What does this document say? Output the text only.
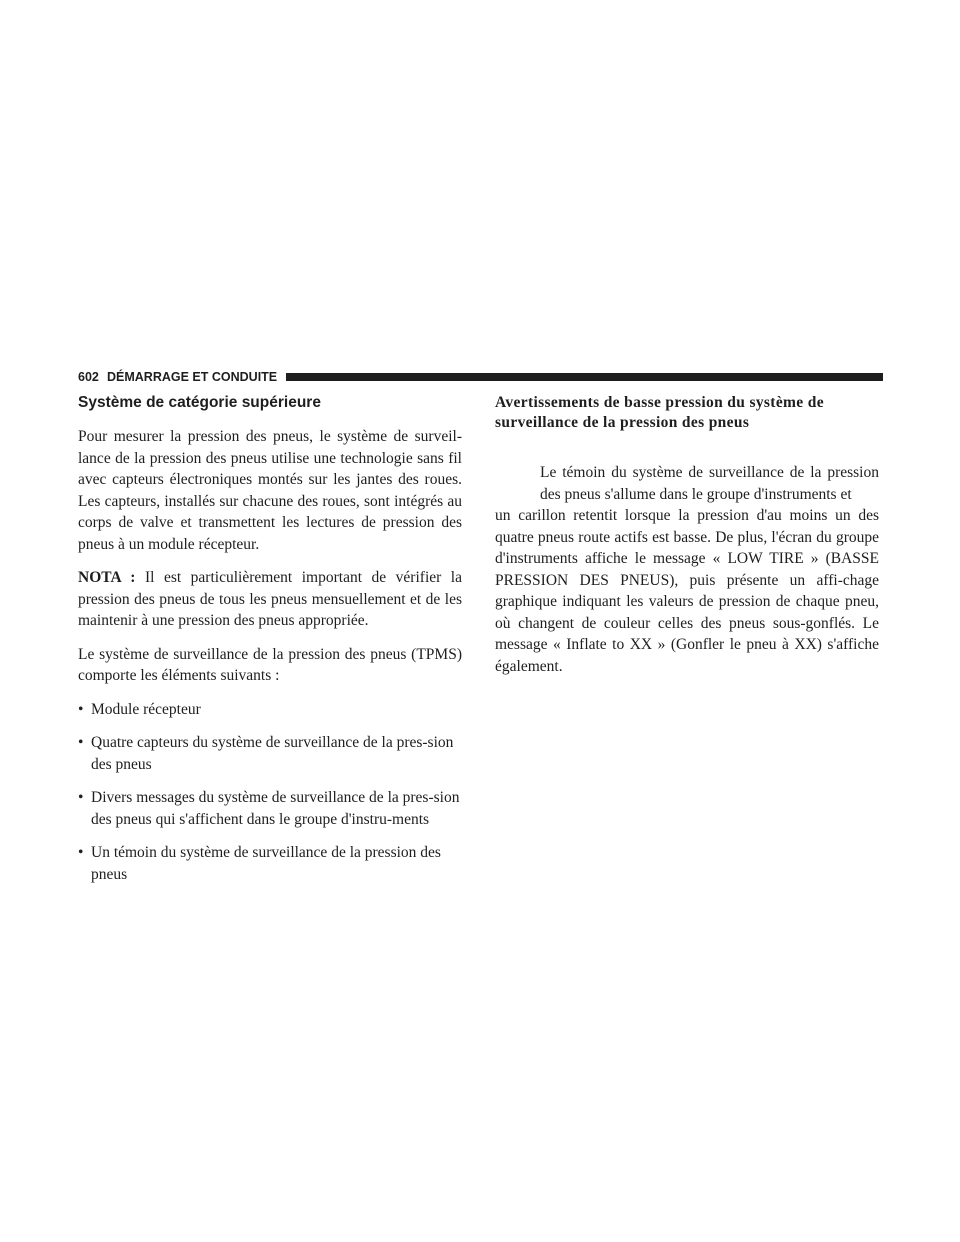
602 DÉMARRAGE ET CONDUITE
Système de catégorie supérieure

Pour mesurer la pression des pneus, le système de surveil-lance de la pression des pneus utilise une technologie sans fil avec capteurs électroniques montés sur les jantes des roues. Les capteurs, installés sur chacune des roues, sont intégrés au corps de valve et transmettent les lectures de pression des pneus à un module récepteur.

NOTA : Il est particulièrement important de vérifier la pression des pneus de tous les pneus mensuellement et de les maintenir à une pression des pneus appropriée.

Le système de surveillance de la pression des pneus (TPMS) comporte les éléments suivants :

• Module récepteur
• Quatre capteurs du système de surveillance de la pres-sion des pneus
• Divers messages du système de surveillance de la pres-sion des pneus qui s'affichent dans le groupe d'instru-ments
• Un témoin du système de surveillance de la pression des pneus
Avertissements de basse pression du système de surveillance de la pression des pneus
Le témoin du système de surveillance de la pression des pneus s'allume dans le groupe d'instruments et
un carillon retentit lorsque la pression d'au moins un des quatre pneus route actifs est basse. De plus, l'écran du groupe d'instruments affiche le message « LOW TIRE » (BASSE PRESSION DES PNEUS), puis présente un affi-chage graphique indiquant les valeurs de pression de chaque pneu, où changent de couleur celles des pneus sous-gonflés. Le message « Inflate to XX » (Gonfler le pneu à XX) s'affiche également.
